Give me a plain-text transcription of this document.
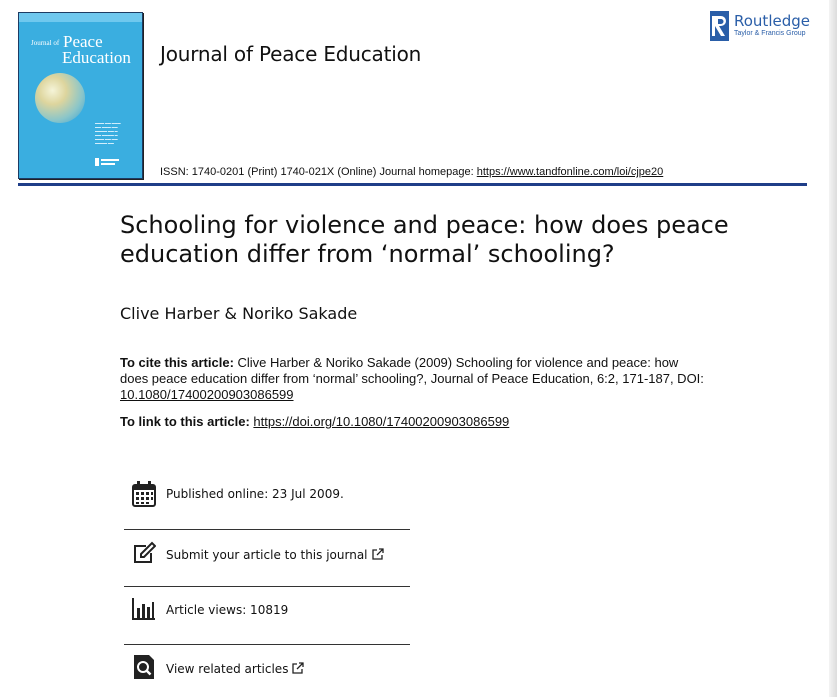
Journal of Peace
Education
▬▬▬ ▬▬ ▬▬▬
▬▬ ▬▬▬ ▬▬
▬▬▬▬ ▬▬ ▬
▬▬ ▬▬▬▬ ▬
▬▬▬ ▬▬ ▬▬
▬▬▬▬ ▬▬
Journal of Peace Education
Routledge
Taylor & Francis Group
ISSN: 1740-0201 (Print) 1740-021X (Online) Journal homepage: https://www.tandfonline.com/loi/cjpe20
Schooling for violence and peace: how does peace education differ from ‘normal’ schooling?
Clive Harber & Noriko Sakade
To cite this article: Clive Harber & Noriko Sakade (2009) Schooling for violence and peace: how does peace education differ from ‘normal’ schooling?, Journal of Peace Education, 6:2, 171-187, DOI: 10.1080/17400200903086599
To link to this article: https://doi.org/10.1080/17400200903086599
Published online: 23 Jul 2009.
Submit your article to this journal
Article views: 10819
View related articles
